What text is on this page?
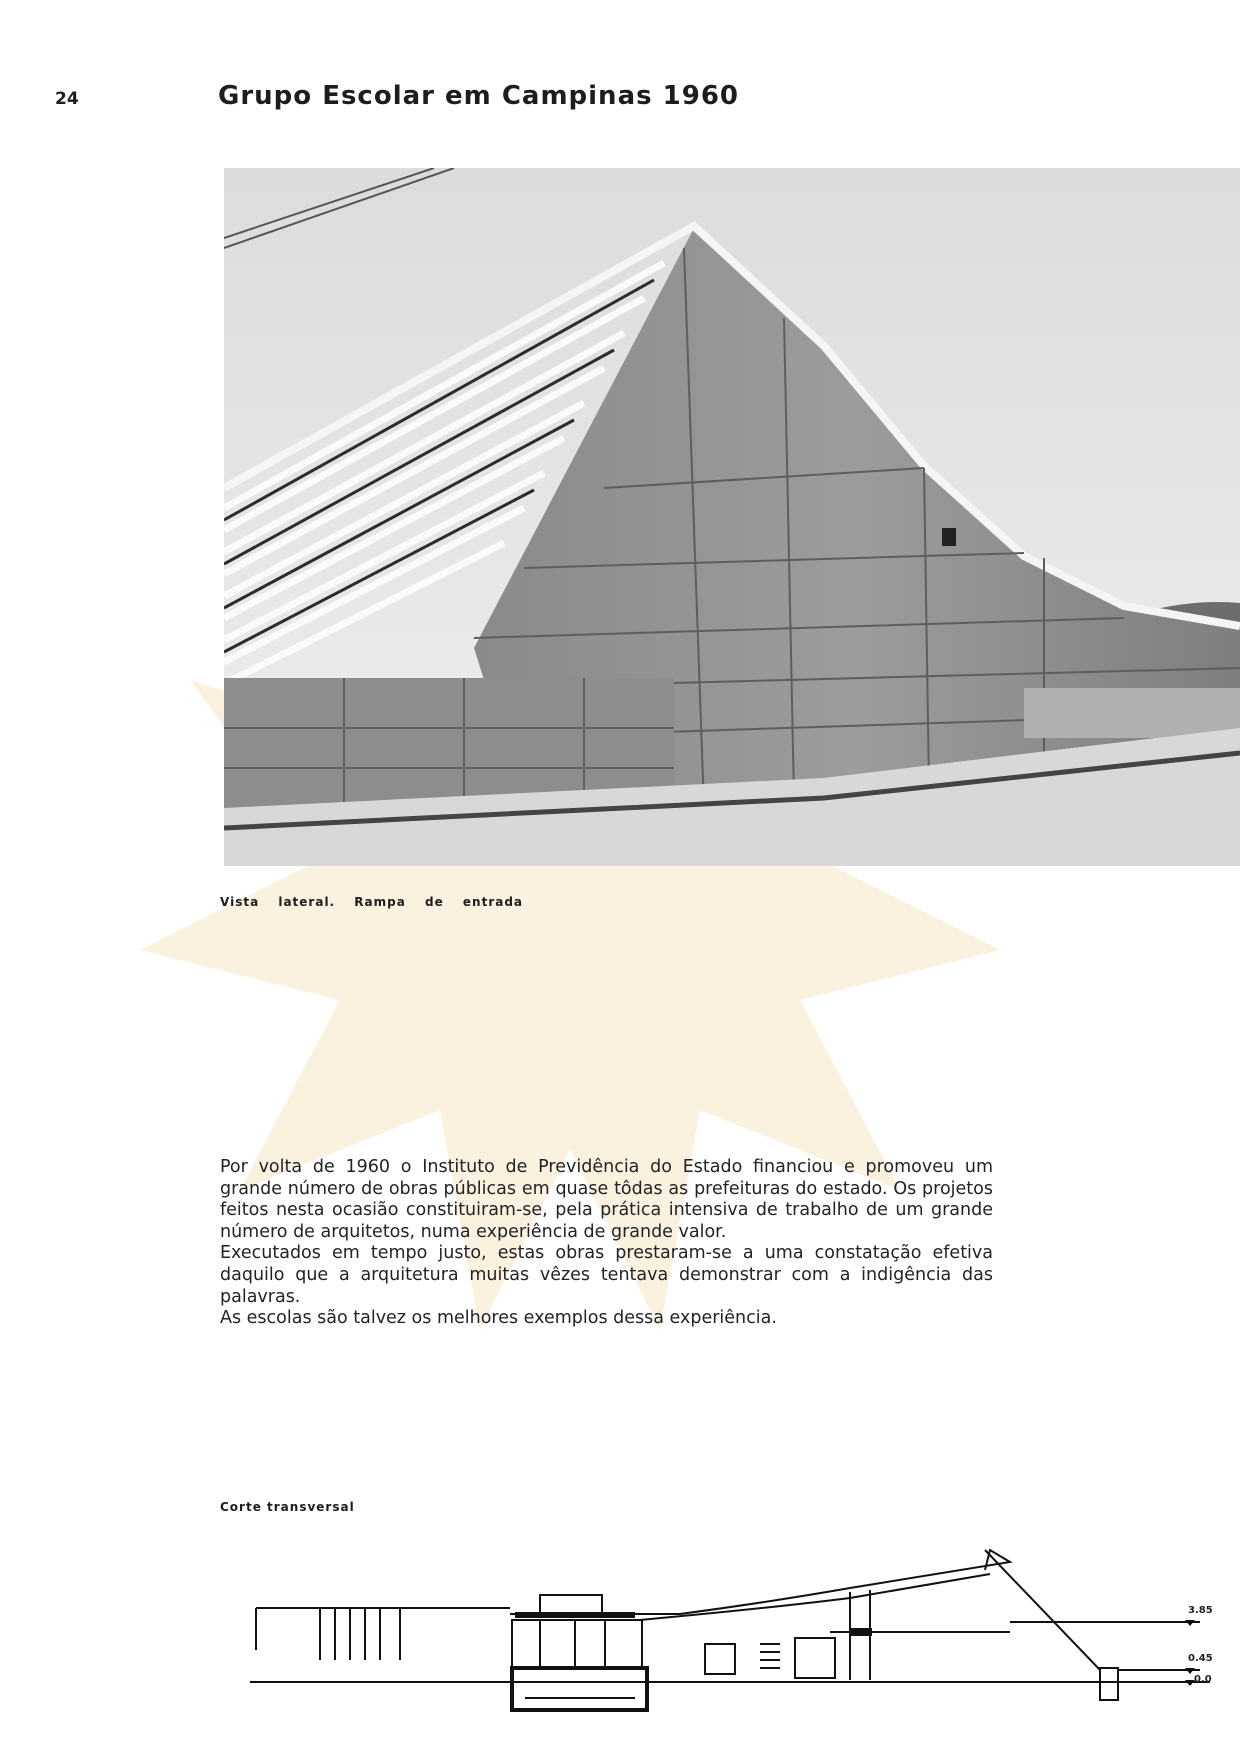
24	Grupo Escolar em Campinas 1960
Vista lateral. Rampa de entrada

Por volta de 1960 o Instituto de Previdência do Estado financiou e promoveu um grande número de obras públicas em quase tôdas as prefeituras do estado. Os projetos feitos nesta ocasião constituiram-se, pela prática intensiva de trabalho de um grande número de arquitetos, numa experiência de grande valor.

Executados em tempo justo, estas obras prestaram-se a uma constatação efetiva daquilo que a arquitetura muitas vêzes tentava demonstrar com a indigência das palavras.

As escolas são talvez os melhores exemplos dessa experiência.

Corte transversal
3.85
0.45
0.0
